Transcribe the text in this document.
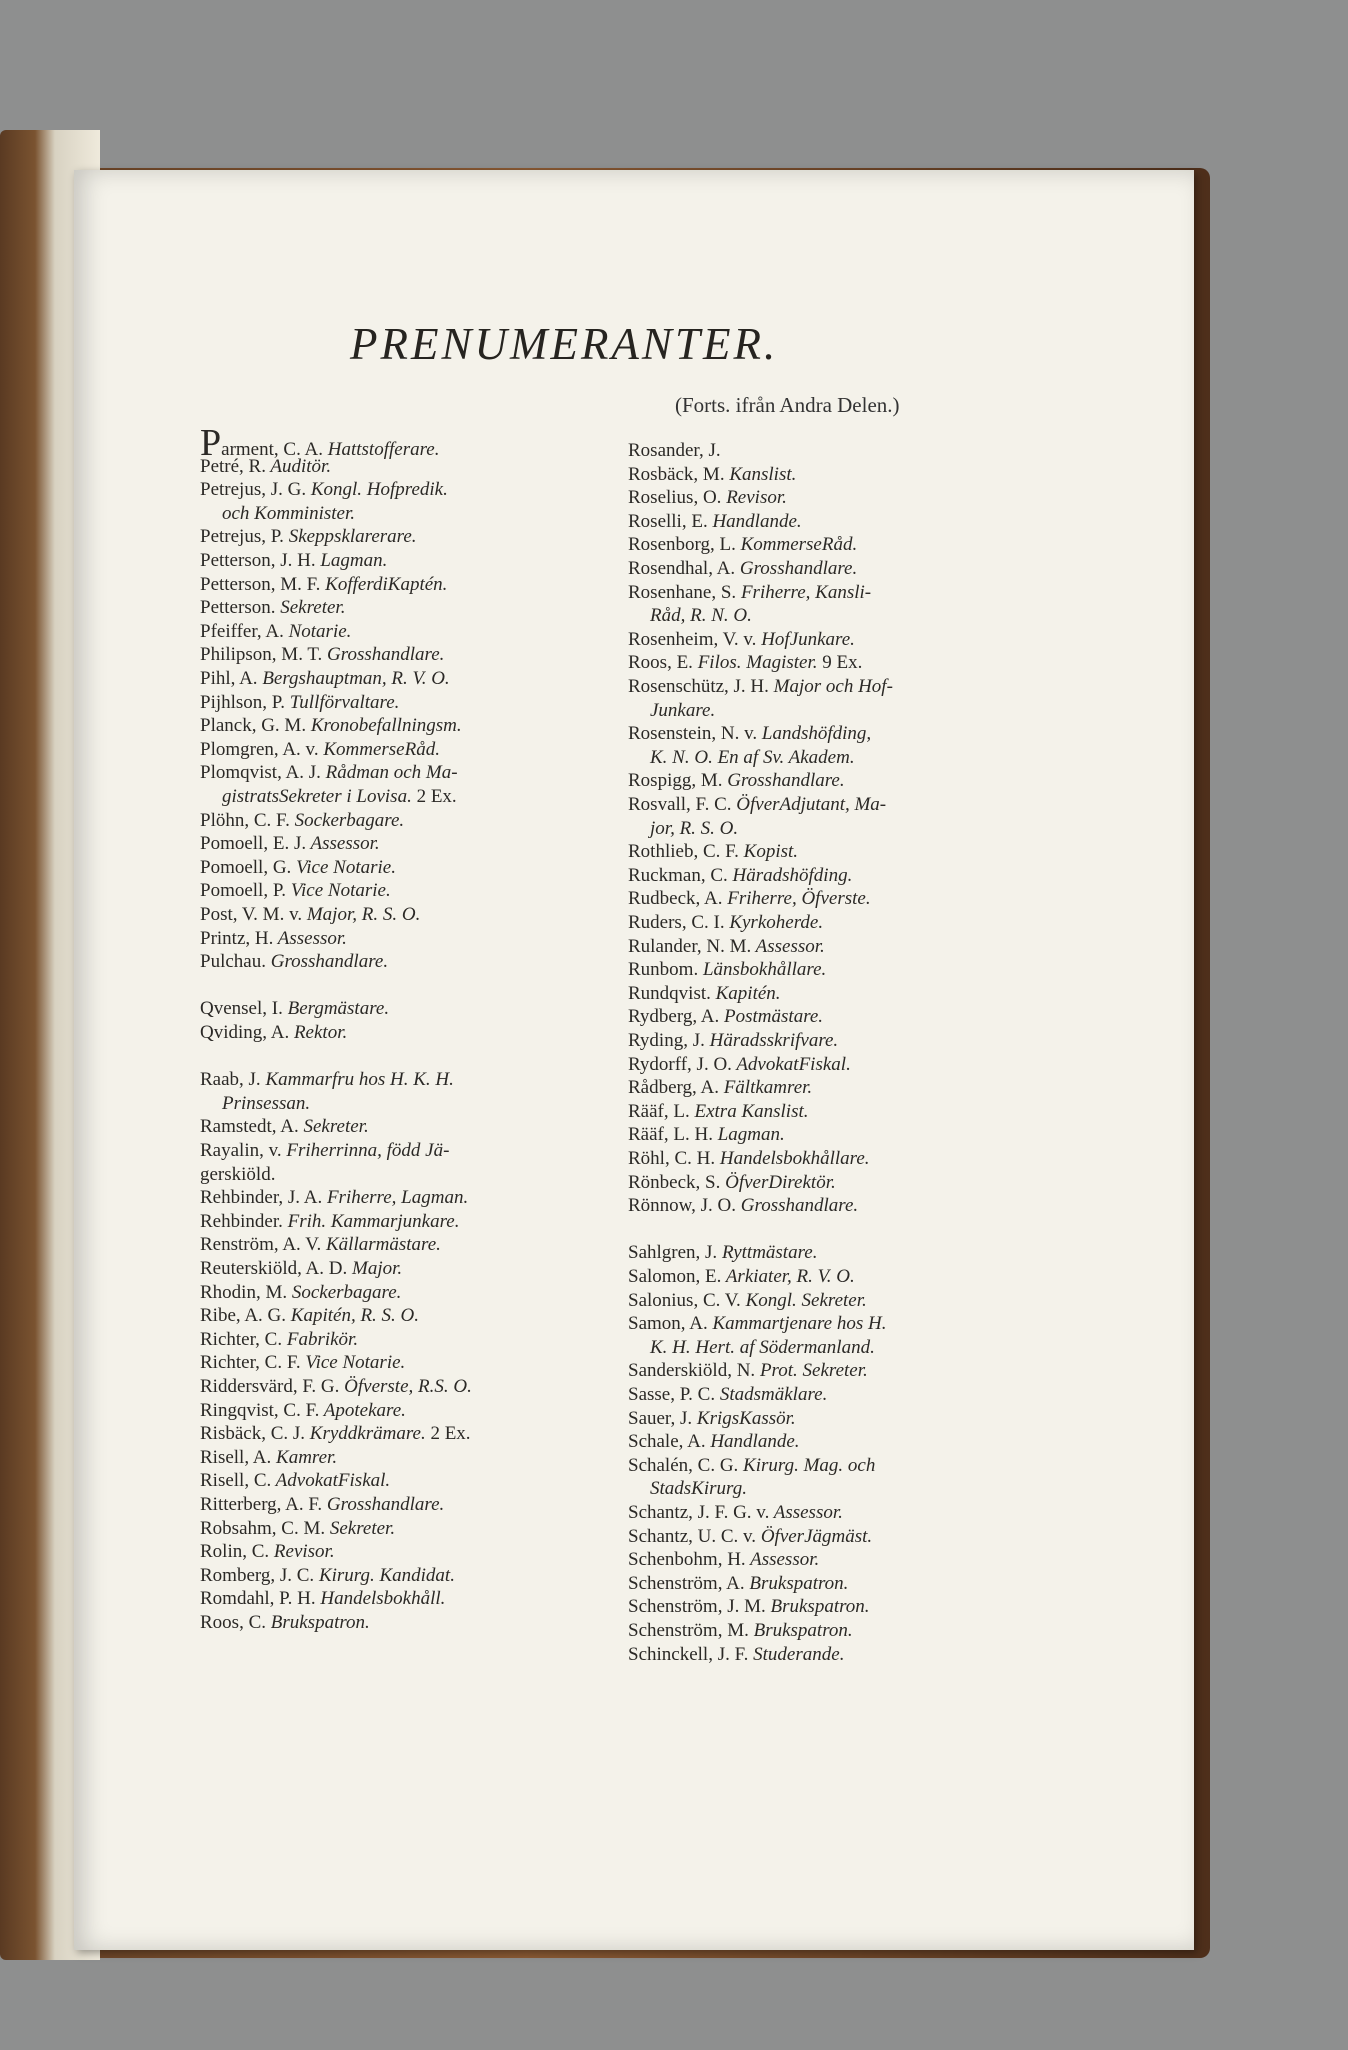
PRENUMERANTER.
(Forts. ifrån Andra Delen.)
Parment, C. A. Hattstofferare.
Petré, R. Auditör.
Petrejus, J. G. Kongl. Hofpredik.
och Komminister.
Petrejus, P. Skeppsklarerare.
Petterson, J. H. Lagman.
Petterson, M. F. KofferdiKaptén.
Petterson. Sekreter.
Pfeiffer, A. Notarie.
Philipson, M. T. Grosshandlare.
Pihl, A. Bergshauptman, R. V. O.
Pijhlson, P. Tullförvaltare.
Planck, G. M. Kronobefallningsm.
Plomgren, A. v. KommerseRåd.
Plomqvist, A. J. Rådman och Ma-
gistratsSekreter i Lovisa. 2 Ex.
Plöhn, C. F. Sockerbagare.
Pomoell, E. J. Assessor.
Pomoell, G. Vice Notarie.
Pomoell, P. Vice Notarie.
Post, V. M. v. Major, R. S. O.
Printz, H. Assessor.
Pulchau. Grosshandlare.
Qvensel, I. Bergmästare.
Qviding, A. Rektor.
Raab, J. Kammarfru hos H. K. H.
Prinsessan.
Ramstedt, A. Sekreter.
Rayalin, v. Friherrinna, född Jä-
gerskiöld.
Rehbinder, J. A. Friherre, Lagman.
Rehbinder. Frih. Kammarjunkare.
Renström, A. V. Källarmästare.
Reuterskiöld, A. D. Major.
Rhodin, M. Sockerbagare.
Ribe, A. G. Kapitén, R. S. O.
Richter, C. Fabrikör.
Richter, C. F. Vice Notarie.
Riddersvärd, F. G. Öfverste, R.S. O.
Ringqvist, C. F. Apotekare.
Risbäck, C. J. Kryddkrämare. 2 Ex.
Risell, A. Kamrer.
Risell, C. AdvokatFiskal.
Ritterberg, A. F. Grosshandlare.
Robsahm, C. M. Sekreter.
Rolin, C. Revisor.
Romberg, J. C. Kirurg. Kandidat.
Romdahl, P. H. Handelsbokhåll.
Roos, C. Brukspatron.
Rosander, J.
Rosbäck, M. Kanslist.
Roselius, O. Revisor.
Roselli, E. Handlande.
Rosenborg, L. KommerseRåd.
Rosendhal, A. Grosshandlare.
Rosenhane, S. Friherre, Kansli-
Råd, R. N. O.
Rosenheim, V. v. HofJunkare.
Roos, E. Filos. Magister. 9 Ex.
Rosenschütz, J. H. Major och Hof-
Junkare.
Rosenstein, N. v. Landshöfding,
K. N. O. En af Sv. Akadem.
Rospigg, M. Grosshandlare.
Rosvall, F. C. ÖfverAdjutant, Ma-
jor, R. S. O.
Rothlieb, C. F. Kopist.
Ruckman, C. Häradshöfding.
Rudbeck, A. Friherre, Öfverste.
Ruders, C. I. Kyrkoherde.
Rulander, N. M. Assessor.
Runbom. Länsbokhållare.
Rundqvist. Kapitén.
Rydberg, A. Postmästare.
Ryding, J. Häradsskrifvare.
Rydorff, J. O. AdvokatFiskal.
Rådberg, A. Fältkamrer.
Rääf, L. Extra Kanslist.
Rääf, L. H. Lagman.
Röhl, C. H. Handelsbokhållare.
Rönbeck, S. ÖfverDirektör.
Rönnow, J. O. Grosshandlare.
Sahlgren, J. Ryttmästare.
Salomon, E. Arkiater, R. V. O.
Salonius, C. V. Kongl. Sekreter.
Samon, A. Kammartjenare hos H.
K. H. Hert. af Södermanland.
Sanderskiöld, N. Prot. Sekreter.
Sasse, P. C. Stadsmäklare.
Sauer, J. KrigsKassör.
Schale, A. Handlande.
Schalén, C. G. Kirurg. Mag. och
StadsKirurg.
Schantz, J. F. G. v. Assessor.
Schantz, U. C. v. ÖfverJägmäst.
Schenbohm, H. Assessor.
Schenström, A. Brukspatron.
Schenström, J. M. Brukspatron.
Schenström, M. Brukspatron.
Schinckell, J. F. Studerande.
